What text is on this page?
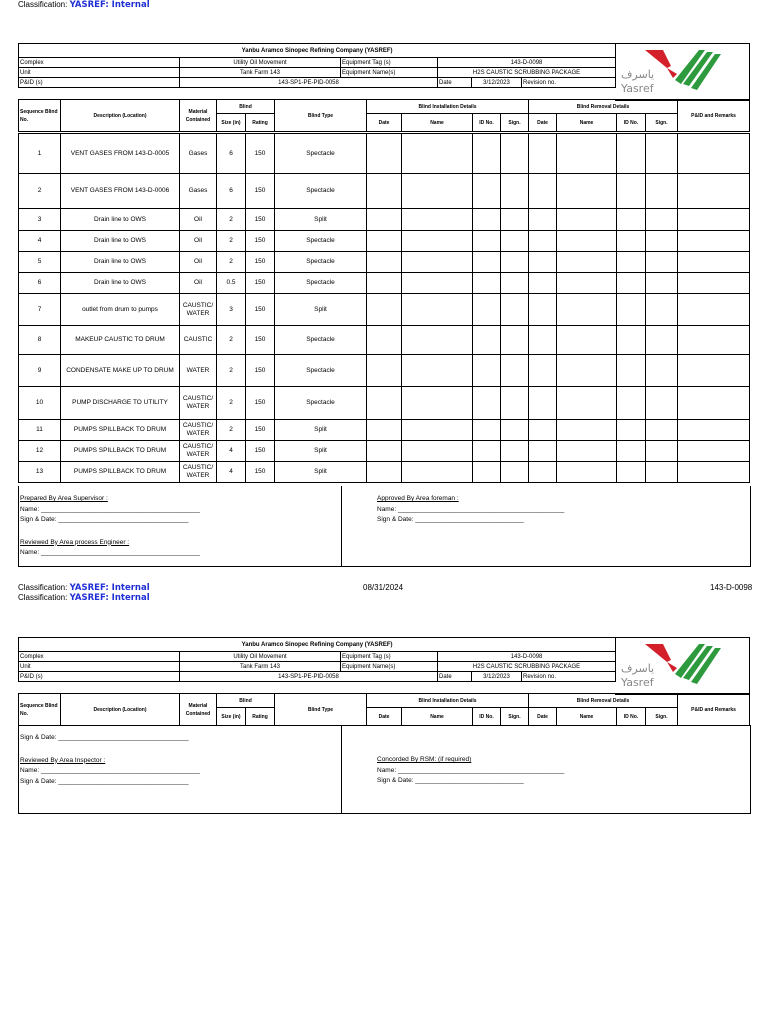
Classification: YASREF​: Internal
Yanbu Aramco Sinopec Refining Company (YASREF)					
Complex	Utility Oil Movement	Equipment Tag (s)	143-D-0098		
Unit	Tank Farm 143	Equipment Name(s)	H2S CAUSTIC SCRUBBING PACKAGE		
P&ID (s)	143-SP1-PE-PID-0058		Date	3/12/2023	Revision no.
ياسرف
Yasref
Sequence Blind No.	Description (Location)	Material Contained	Blind		Blind Type	Blind Installation Details				Blind Removal Details				P&ID and Remarks
			Size (in)	Rating		Date	Name	ID No.	Sign.	Date	Name	ID No.	Sign.	
1	VENT GASES FROM 143-D-0005	Gases	6	150	Spectacle									
2	VENT GASES FROM 143-D-0006	Gases	6	150	Spectacle									
3	Drain line to OWS	Oil	2	150	Split									
4	Drain line to OWS	Oil	2	150	Spectacle									
5	Drain line to OWS	Oil	2	150	Spectacle									
6	Drain line to OWS	Oil	0.5	150	Spectacle									
7	outlet from drum to pumps	CAUSTIC/ WATER	3	150	Split									
8	MAKEUP CAUSTIC TO DRUM	CAUSTIC	2	150	Spectacle									
9	CONDENSATE MAKE UP TO DRUM	WATER	2	150	Spectacle									
10	PUMP DISCHARGE TO UTILITY	CAUSTIC/ WATER	2	150	Spectacle									
11	PUMPS SPILLBACK TO DRUM	CAUSTIC/ WATER	2	150	Split									
12	PUMPS SPILLBACK TO DRUM	CAUSTIC/ WATER	4	150	Split									
13	PUMPS SPILLBACK TO DRUM	CAUSTIC/ WATER	4	150	Split									
Prepared By Area Supervisor :
Name: ____________________________________________
Sign & Date: ____________________________________
Reviewed By Area process Engineer :
Name: ____________________________________________
Approved By Area foreman :
Name: ______________________________________________
Sign & Date: ______________________________
Classification: YASREF​: Internal
Classification: YASREF​: Internal
08/31/2024	143-D-0098
Yanbu Aramco Sinopec Refining Company (YASREF)					
Complex	Utility Oil Movement	Equipment Tag (s)	143-D-0098		
Unit	Tank Farm 143	Equipment Name(s)	H2S CAUSTIC SCRUBBING PACKAGE		
P&ID (s)	143-SP1-PE-PID-0058		Date	3/12/2023	Revision no.
ياسرف
Yasref
Sequence Blind No.	Description (Location)	Material Contained	Blind		Blind Type	Blind Installation Details				Blind Removal Details				P&ID and Remarks
			Size (in)	Rating		Date	Name	ID No.	Sign.	Date	Name	ID No.	Sign.	
Sign & Date: ____________________________________
Reviewed By Area Inspector :
Name: ____________________________________________
Sign & Date: ____________________________________
Concorded By RSM: (if required)
Name: ______________________________________________
Sign & Date: ______________________________
